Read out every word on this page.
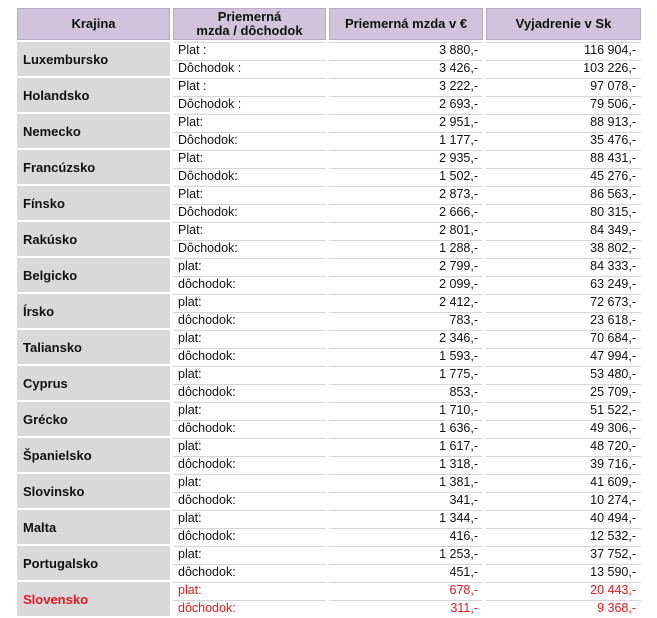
Krajina	Priemerná
mzda / dôchodok	Priemerná mzda v €	Vyjadrenie v Sk
Luxembursko	Plat :	3 880,-	116 904,-
	Dôchodok :	3 426,-	103 226,-
Holandsko	Plat :	3 222,-	97 078,-
	Dôchodok :	2 693,-	79 506,-
Nemecko	Plat:	2 951,-	88 913,-
	Dôchodok:	1 177,-	35 476,-
Francúzsko	Plat:	2 935,-	88 431,-
	Dôchodok:	1 502,-	45 276,-
Fínsko	Plat:	2 873,-	86 563,-
	Dôchodok:	2 666,-	80 315,-
Rakúsko	Plat:	2 801,-	84 349,-
	Dôchodok:	1 288,-	38 802,-
Belgicko	plat:	2 799,-	84 333,-
	dôchodok:	2 099,-	63 249,-
Írsko	plat:	2 412,-	72 673,-
	dôchodok:	783,-	23 618,-
Taliansko	plat:	2 346,-	70 684,-
	dôchodok:	1 593,-	47 994,-
Cyprus	plat:	1 775,-	53 480,-
	dôchodok:	853,-	25 709,-
Grécko	plat:	1 710,-	51 522,-
	dôchodok:	1 636,-	49 306,-
Španielsko	plat:	1 617,-	48 720,-
	dôchodok:	1 318,-	39 716,-
Slovinsko	plat:	1 381,-	41 609,-
	dôchodok:	341,-	10 274,-
Malta	plat:	1 344,-	40 494,-
	dôchodok:	416,-	12 532,-
Portugalsko	plat:	1 253,-	37 752,-
	dôchodok:	451,-	13 590,-
Slovensko	plat:	678,-	20 443,-
	dôchodok:	311,-	9 368,-
